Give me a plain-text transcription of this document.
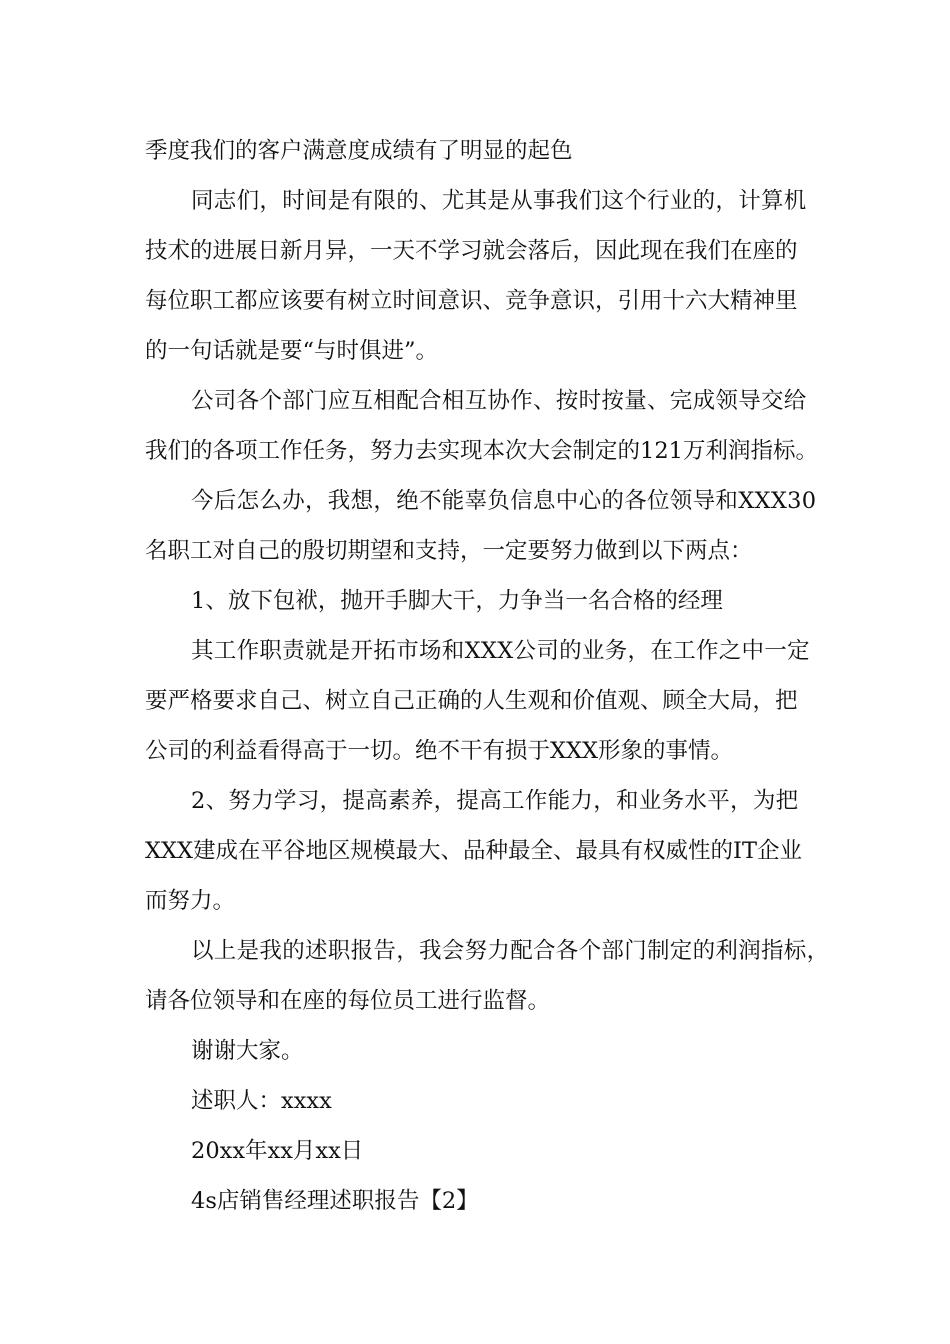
季度我们的客户满意度成绩有了明显的起色
同志们，时间是有限的、尤其是从事我们这个行业的，计算机
技术的进展日新月异，一天不学习就会落后，因此现在我们在座的
每位职工都应该要有树立时间意识、竞争意识，引用十六大精神里
的一句话就是要“与时俱进”。
公司各个部门应互相配合相互协作、按时按量、完成领导交给
我们的各项工作任务，努力去实现本次大会制定的121万利润指标。
今后怎么办，我想，绝不能辜负信息中心的各位领导和XXX30
名职工对自己的殷切期望和支持，一定要努力做到以下两点：
1、放下包袱，抛开手脚大干，力争当一名合格的经理
其工作职责就是开拓市场和XXX公司的业务，在工作之中一定
要严格要求自己、树立自己正确的人生观和价值观、顾全大局，把
公司的利益看得高于一切。绝不干有损于XXX形象的事情。
2、努力学习，提高素养，提高工作能力，和业务水平，为把
XXX建成在平谷地区规模最大、品种最全、最具有权威性的IT企业
而努力。
以上是我的述职报告，我会努力配合各个部门制定的利润指标，
请各位领导和在座的每位员工进行监督。
谢谢大家。
述职人：xxxx
20xx年xx月xx日
4s店销售经理述职报告【2】
